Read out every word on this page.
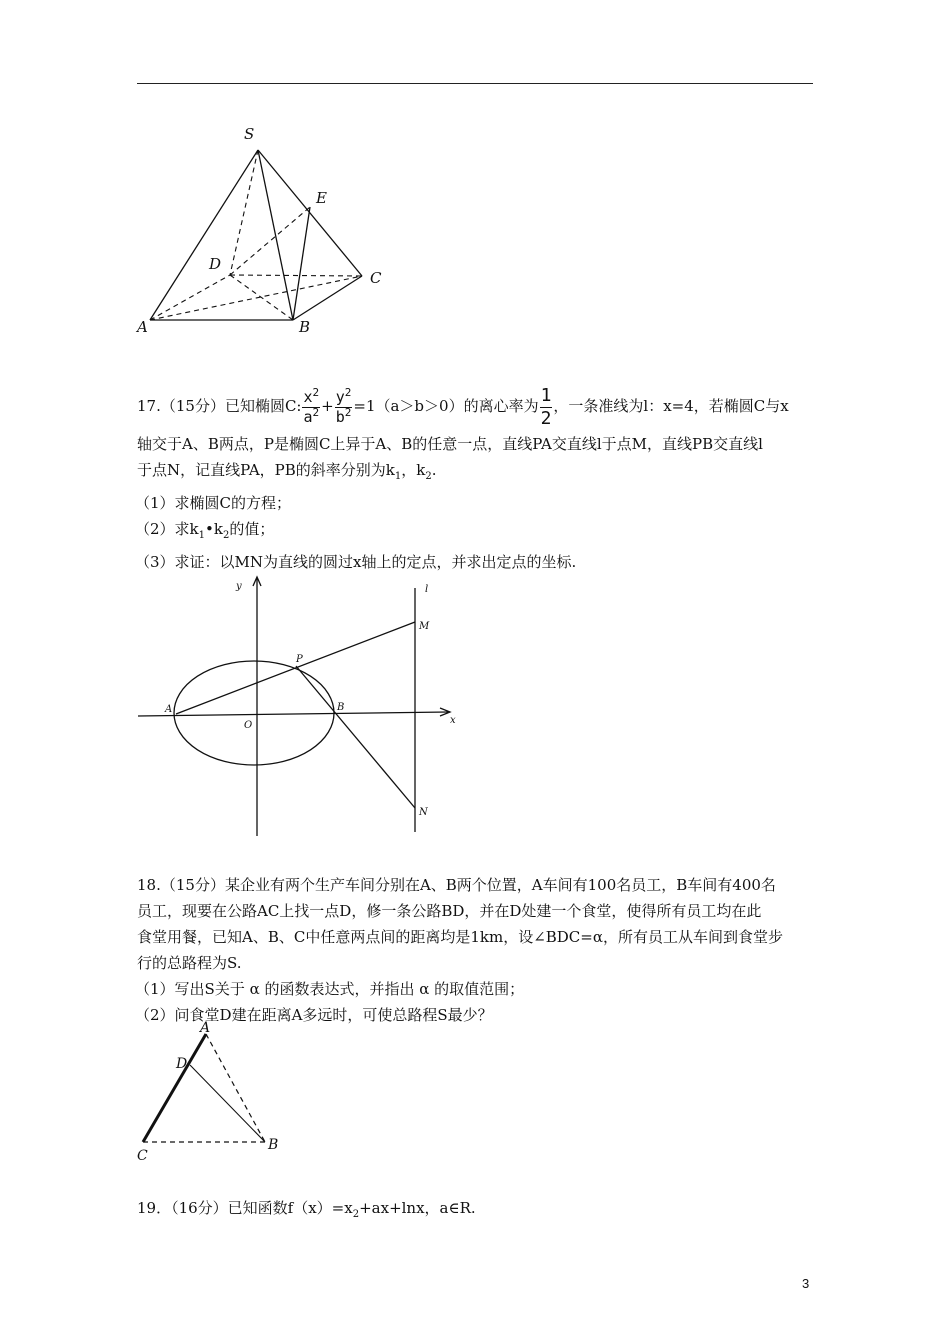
S
E
D
C
A	B
17.（15分）已知椭圆C: $\frac{x^2}{a^2} + \frac{y^2}{b^2} =1(a>b>0)$的离心率为 $\frac{1}{2}$ ，一条准线为l：x=4，若椭圆C与x
轴交于A、B两点，P是椭圆C上异于A、B的任意一点，直线PA交直线l于点M，直线PB交直线l
于点N，记直线PA，PB的斜率分别为$k_1$，$k_2$.
（1）求椭圆C的方程；
（2）求$k_1•k_2$的值；
（3）求证：以MN为直线的圆过x轴上的定点，并求出定点的坐标.
y	l
M
P
A
O
B
x
N
18.（15分）某企业有两个生产车间分别在A、B两个位置，A车间有100名员工，B车间有400名
员工，现要在公路AC上找一点D，修一条公路BD，并在D处建一个食堂，使得所有员工均在此
食堂用餐，已知A、B、C中任意两点间的距离均是1km，设∠BDC=α，所有员工从车间到食堂步
行的总路程为S.
（1）写出S关于 α 的函数表达式，并指出 α 的取值范围；
（2）问食堂D建在距离A多远时，可使总路程S最少？
A
D
B
C
19．（16分）已知函数$f(x)=x_2+ax+\ln x$，a∈R.
3
